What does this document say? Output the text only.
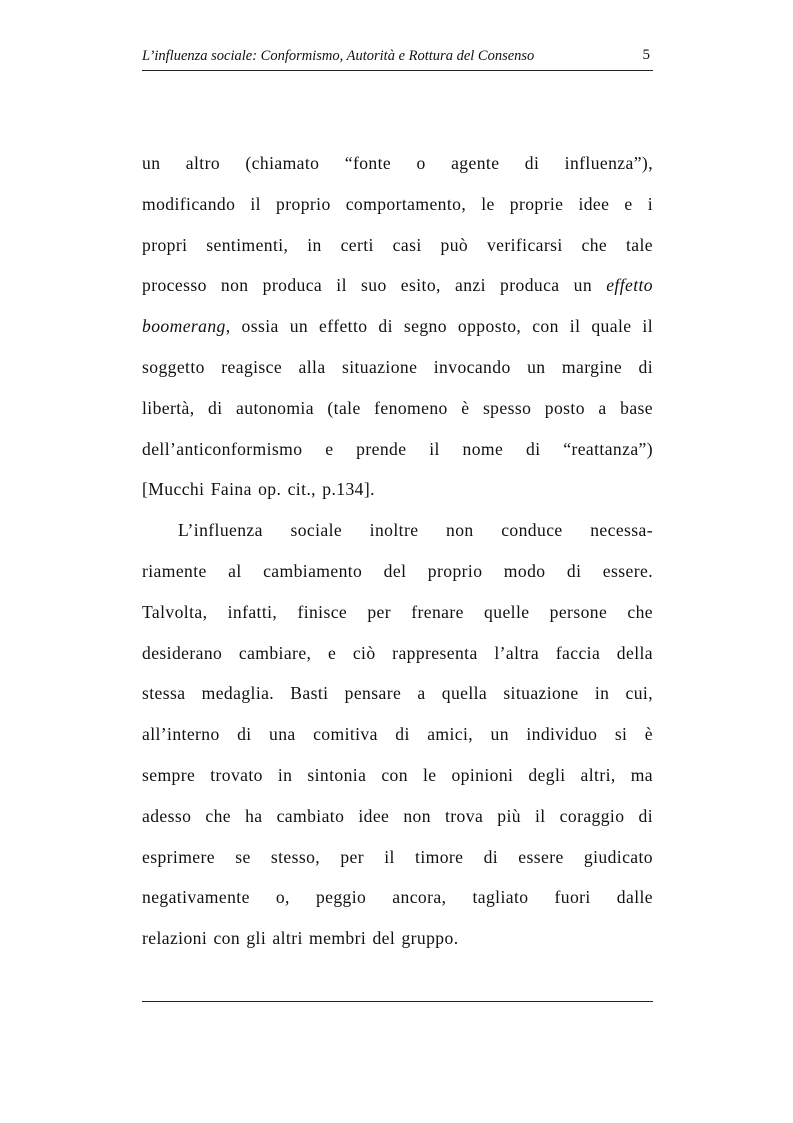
L’influenza sociale: Conformismo, Autorità e Rottura del Consenso	5
un altro (chiamato “fonte o agente di influenza”),
modificando il proprio comportamento, le proprie idee e i
propri sentimenti, in certi casi può verificarsi che tale
processo non produca il suo esito, anzi produca un effetto
boomerang, ossia un effetto di segno opposto, con il quale il
soggetto reagisce alla situazione invocando un margine di
libertà, di autonomia (tale fenomeno è spesso posto a base
dell’anticonformismo e prende il nome di “reattanza”)
[Mucchi Faina op. cit., p.134].
L’influenza sociale inoltre non conduce necessa-
riamente al cambiamento del proprio modo di essere.
Talvolta, infatti, finisce per frenare quelle persone che
desiderano cambiare, e ciò rappresenta l’altra faccia della
stessa medaglia. Basti pensare a quella situazione in cui,
all’interno di una comitiva di amici, un individuo si è
sempre trovato in sintonia con le opinioni degli altri, ma
adesso che ha cambiato idee non trova più il coraggio di
esprimere se stesso, per il timore di essere giudicato
negativamente o, peggio ancora, tagliato fuori dalle
relazioni con gli altri membri del gruppo.
